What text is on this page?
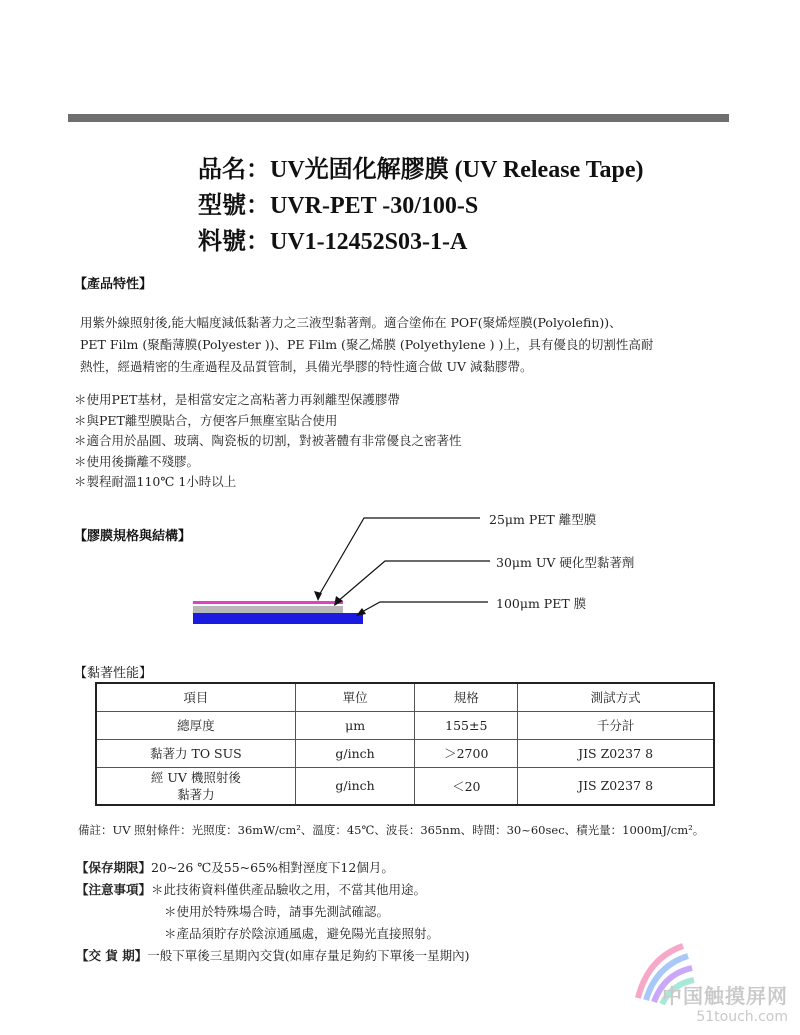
品名：UV光固化解膠膜 (UV Release Tape)
型號：UVR-PET -30/100-S
料號：UV1-12452S03-1-A
【產品特性】
用紫外線照射後,能大幅度減低黏著力之三液型黏著劑。適合塗佈在 POF(聚烯烴膜(Polyolefin))、
PET Film (聚酯薄膜(Polyester ))、PE Film (聚乙烯膜 (Polyethylene ) )上，具有優良的切割性高耐
熱性，經過精密的生產過程及品質管制，具備光學膠的特性適合做 UV 減黏膠帶。
＊ 使用PET基材，是相當安定之高粘著力再剝離型保護膠帶
＊ 與PET離型膜貼合，方便客戶無塵室貼合使用
＊ 適合用於晶圓、玻璃、陶瓷板的切割，對被著體有非常優良之密著性
＊ 使用後撕離不殘膠。
＊ 製程耐溫110℃ 1小時以上
【膠膜規格與結構】
25μm PET 離型膜
30μm UV 硬化型黏著劑
100μm PET 膜
【黏著性能】
項目	單位	規格	測試方式
總厚度	μm	155±5	千分計
黏著力 TO SUS	g/inch	＞2700	JIS Z0237 8

經 UV 機照射後
黏著力	g/inch	＜20	JIS Z0237 8
備註：UV 照射條件：光照度：36mW/cm²、溫度：45℃、波長：365nm、時間：30~60sec、積光量：1000mJ/cm²。
【保存期限】20~26 ℃及55~65%相對溼度下12個月。
【注意事項】＊此技術資料僅供產品驗收之用，不當其他用途。
＊使用於特殊場合時，請事先測試確認。
＊產品須貯存於陰涼通風處，避免陽光直接照射。
【交 貨 期】一般下單後三星期內交貨(如庫存量足夠約下單後一星期內)
中国触摸屏网
51touch.com
